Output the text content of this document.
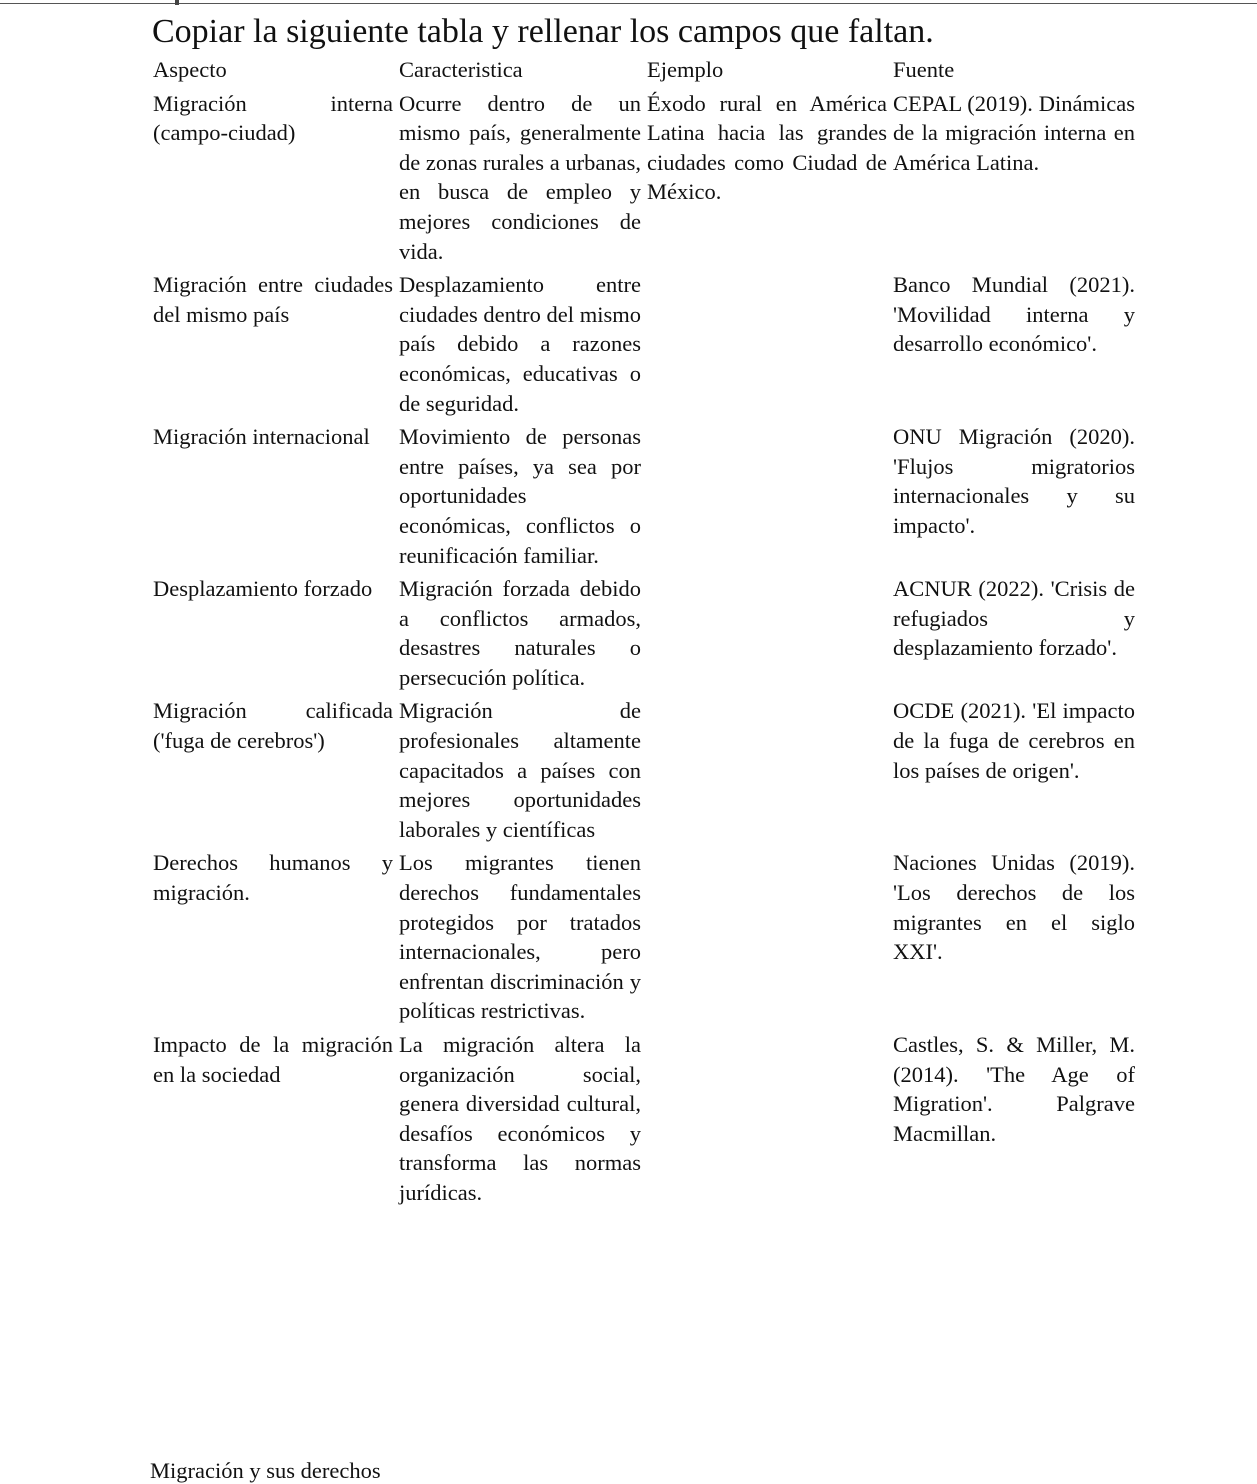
Copiar la siguiente tabla y rellenar los campos que faltan.
Aspecto	Caracteristica	Ejemplo	Fuente
Migración interna (campo-ciudad)	Ocurre dentro de un mismo país, generalmente de zonas rurales a urbanas, en busca de empleo y mejores condiciones de vida.	Éxodo rural en América Latina hacia las grandes ciudades como Ciudad de México.	CEPAL (2019). Dinámicas de la migración interna en América Latina.
Migración entre ciudades del mismo país	Desplazamiento entre ciudades dentro del mismo país debido a razones económicas, educativas o de seguridad.		Banco Mundial (2021). 'Movilidad interna y desarrollo económico'.
Migración internacional	Movimiento de personas entre países, ya sea por oportunidades económicas, conflictos o reunificación familiar.		ONU Migración (2020). 'Flujos migratorios internacionales y su impacto'.
Desplazamiento forzado	Migración forzada debido a conflictos armados, desastres naturales o persecución política.		ACNUR (2022). 'Crisis de refugiados y desplazamiento forzado'.
Migración calificada ('fuga de cerebros')	Migración de profesionales altamente capacitados a países con mejores oportunidades laborales y científicas		OCDE (2021). 'El impacto de la fuga de cerebros en los países de origen'.
Derechos humanos y migración.	Los migrantes tienen derechos fundamentales protegidos por tratados internacionales, pero enfrentan discriminación y políticas restrictivas.		Naciones Unidas (2019). 'Los derechos de los migrantes en el siglo XXI'.
Impacto de la migración en la sociedad	La migración altera la organización social, genera diversidad cultural, desafíos económicos y transforma las normas jurídicas.		Castles, S. & Miller, M. (2014). 'The Age of Migration'. Palgrave Macmillan.
Migración y sus derechos
